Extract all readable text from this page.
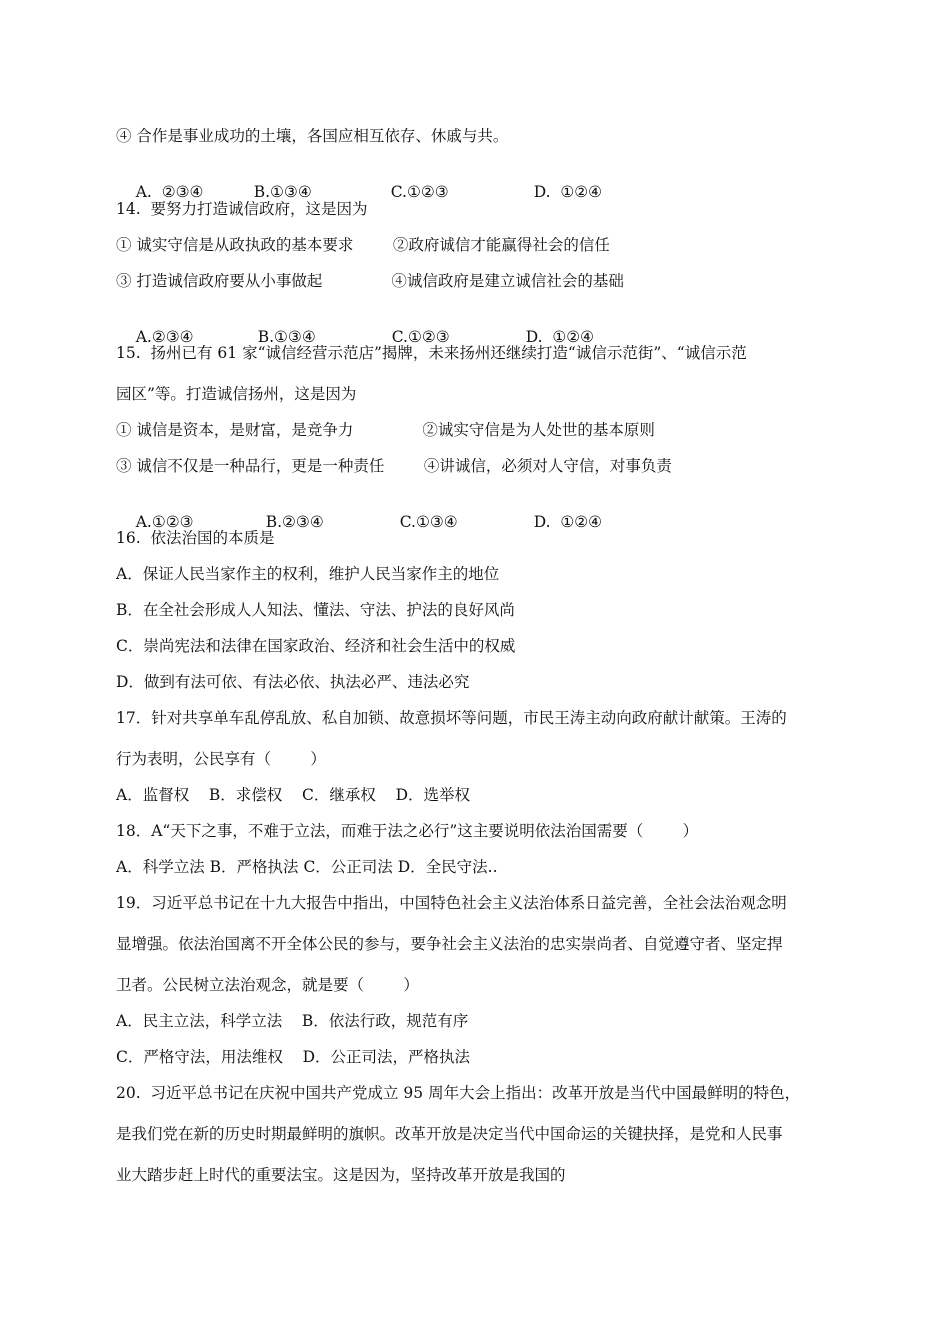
④ 合作是事业成功的土壤，各国应相互依存、休戚与共。

A.  ②③④	B.①③④	C.①②③	D.  ①②④

14.  要努力打造诚信政府，这是因为
① 诚实守信是从政执政的基本要求        ②政府诚信才能赢得社会的信任
③ 打造诚信政府要从小事做起              ④诚信政府是建立诚信社会的基础

A.②③④	B.①③④	C.①②③	D.  ①②④

15.  扬州已有 61 家“诚信经营示范店”揭牌，未来扬州还继续打造“诚信示范街”、“诚信示范
园区”等。打造诚信扬州，这是因为
① 诚信是资本，是财富，是竞争力              ②诚实守信是为人处世的基本原则
③ 诚信不仅是一种品行，更是一种责任        ④讲诚信，必须对人守信，对事负责

A.①②③	B.②③④	C.①③④	D.  ①②④

16.  依法治国的本质是
A．保证人民当家作主的权利，维护人民当家作主的地位
B．在全社会形成人人知法、懂法、守法、护法的良好风尚
C．崇尚宪法和法律在国家政治、经济和社会生活中的权威
D．做到有法可依、有法必依、执法必严、违法必究
17．针对共享单车乱停乱放、私自加锁、故意损坏等问题，市民王涛主动向政府献计献策。王涛的
行为表明，公民享有（        ）
A．监督权    B．求偿权    C．继承权    D．选举权
18．A“天下之事，不难于立法，而难于法之必行”这主要说明依法治国需要（        ）
A．科学立法 B．严格执法 C．公正司法 D．全民守法..
19．习近平总书记在十九大报告中指出，中国特色社会主义法治体系日益完善，全社会法治观念明
显增强。依法治国离不开全体公民的参与，要争社会主义法治的忠实崇尚者、自觉遵守者、坚定捍
卫者。公民树立法治观念，就是要（        ）
A．民主立法，科学立法    B．依法行政，规范有序
C．严格守法，用法维权    D．公正司法，严格执法
20.  习近平总书记在庆祝中国共产党成立 95 周年大会上指出：改革开放是当代中国最鲜明的特色，
是我们党在新的历史时期最鲜明的旗帜。改革开放是决定当代中国命运的关键抉择，是党和人民事
业大踏步赶上时代的重要法宝。这是因为，坚持改革开放是我国的
